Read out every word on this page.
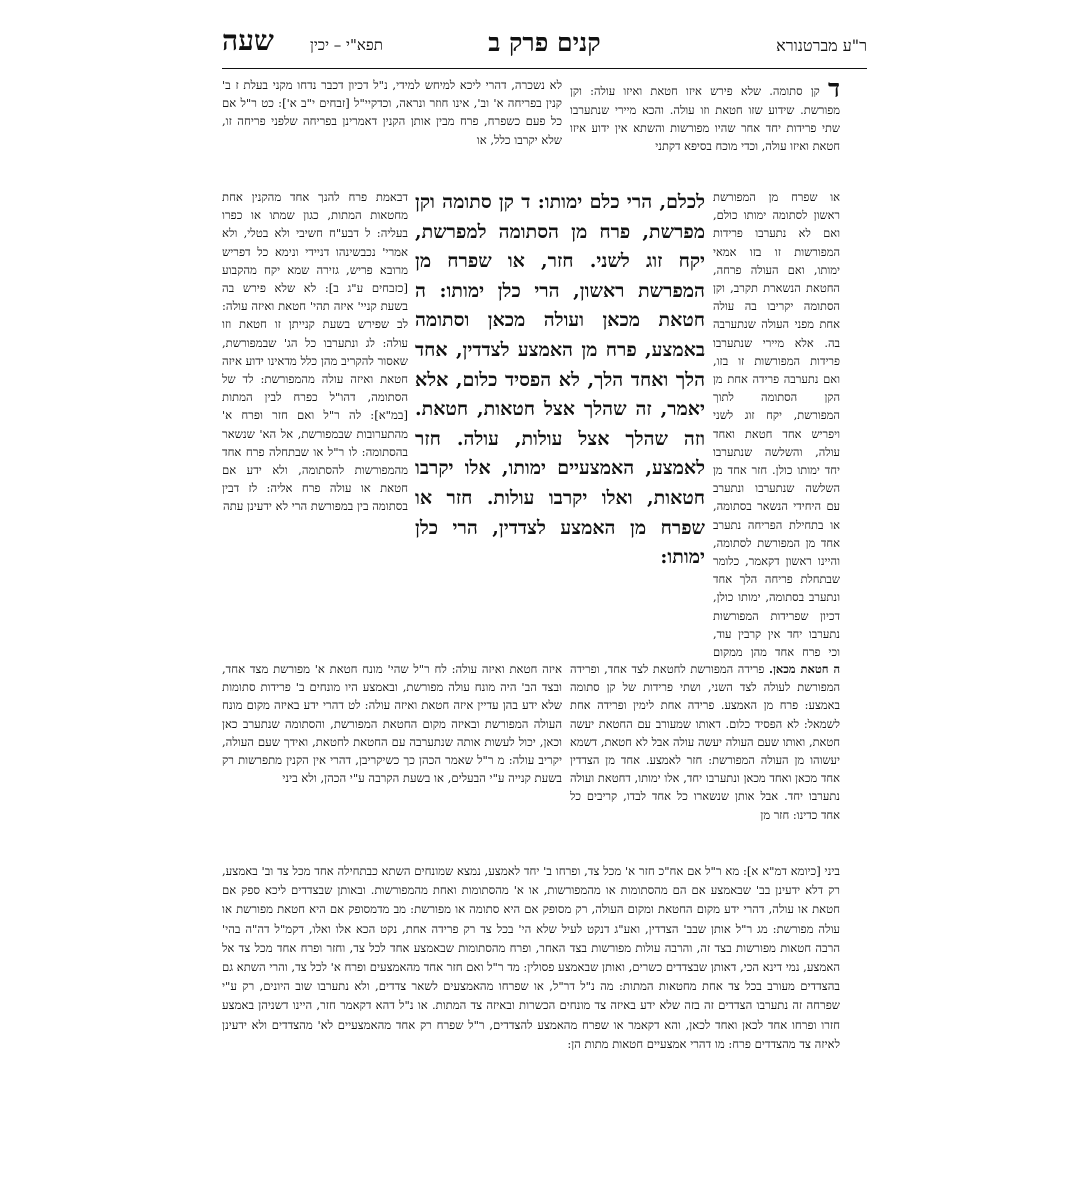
שעה תפא"י – יכין	קנים פרק ב	ר"ע מברטנורא

ד קן סתומה. שלא פירש איזו חטאת ואיזו עולה: וקן מפורשת. שידוע שזו חטאת וזו עולה. והכא מיירי שנתערבו שתי פרידות יחד אחר שהיו מפורשות והשתא אין ידוע איזו חטאת ואיזו עולה, וכדי מוכח בסיפא דקתני

או שפרח מן המפורשת ראשון לסתומה ימותו כולם, ואם לא נתערבו פרידות המפורשות זו בזו אמאי ימותו, ואם העולה פרחה, החטאת הנשארת תקרב, וקן הסתומה יקריבו בה עולה אחת מפני העולה שנתערבה בה. אלא מיירי שנתערבו פרידות המפורשות זו בזו, ואם נתערבה פרידה אחת מן הקן הסתומה לתוך המפורשת, יקח זוג לשני ויפריש אחד חטאת ואחד עולה, והשלשה שנתערבו יחד ימותו כולן. חזר אחד מן השלשה שנתערבו ונתערב עם היחידי הנשאר בסתומה, או בתחילת הפריחה נתערב אחד מן המפורשת לסתומה, והיינו ראשון דקאמר, כלומר שבתחלת פריחה הלך אחד ונתערב בסתומה, ימותו כולן, דכיון שפרידות המפורשות נתערבו יחד אין קרבין עוד, וכי פרח אחד מהן ממקום

ה חטאת מכאן. פרידה המפורשת לחטאת לצד אחד, ופרידה המפורשת לעולה לצד השני, ושתי פרידות של קן סתומה באמצע: פרח מן האמצע. פרידה אחת לימין ופרידה אחת לשמאל: לא הפסיד כלום. דאותו שמעורב עם החטאת יעשה חטאת, ואותו שעם העולה יעשה עולה אבל לא חטאת, דשמא יעשוהו מן העולה המפורשת: חזר לאמצע. אחד מן הצדדין אחד מכאן ואחד מכאן ונתערבו יחד, אלו ימותו, דחטאת ועולה נתערבו יחד. אבל אותן שנשארו כל אחד לבדו, קריבים כל אחד כדינו: חזר מן

לכלם, הרי כלם ימותו: ד קן סתומה וקן מפרשת, פרח מן הסתומה למפרשת, יקח זוג לשני. חזר, או שפרח מן המפרשת ראשון, הרי כלן ימותו: ה חטאת מכאן ועולה מכאן וסתומה באמצע, פרח מן האמצע לצדדין, אחד הלך ואחד הלך, לא הפסיד כלום, אלא יאמר, זה שהלך אצל חטאות, חטאת. וזה שהלך אצל עולות, עולה. חזר לאמצע, האמצעיים ימותו, אלו יקרבו חטאות, ואלו יקרבו עולות. חזר או שפרח מן האמצע לצדדין, הרי כלן ימותו:

לא נשכרה, דהרי ליכא למיחש למידי, נ"ל דכיון דכבר נדחו מקני בעלת ז ב' קנין בפריחה א' וב', אינו חוזר ונראה, וכדקיי"ל [זבחים י"ב א']: כט ר"ל אם כל פעם כשפרח, פרח מבין אותן הקנין דאמרינן בפריחה שלפני פריחה זו, שלא יקרבו כלל, או

דבאמת פרח להנך אחד מהקנין אחת מחטאות המתות, כגון שמתו או כפרו בעליה: ל דבע"ח חשיבי ולא בטלי, ולא אמרי' נכבשינהו דניידי ונימא כל דפריש מרובא פריש, גזירה שמא יקח מהקבוע [כזבחים ע"ג ב]: לא שלא פירש בה בשעת קניי' איזה תהי' חטאת ואיזה עולה: לב שפירש בשעת קנייתן זו חטאת וזו עולה: לג ונתערבו כל הג' שבמפורשת, שאסור להקריב מהן כלל מדאינו ידוע איזה חטאת ואיזה עולה מהמפורשת: לד של הסתומה, דהו"ל כפרח לבין המתות [במ"א]: לה ר"ל ואם חזר ופרח א' מהתערובות שבמפורשת, אל הא' שנשאר בהסתומה: לו ר"ל או שבתחלה פרח אחד מהמפורשות להסתומה, ולא ידע אם חטאת או עולה פרח אליה: לז דבין בסתומה בין במפורשת הרי לא ידעינן עתה

איזה חטאת ואיזה עולה: לח ר"ל שהי' מונח חטאת א' מפורשת מצד אחד, ובצד הב' היה מונח עולה מפורשת, ובאמצע היו מונחים ב' פרידות סתומות שלא ידע בהן עדיין איזה חטאת ואיזה עולה: לט דהרי ידע באיזה מקום מונח העולה המפורשת ובאיזה מקום החטאת המפורשת, והסתומה שנתערב כאן וכאן, יכול לעשות אותה שנתערבה עם החטאת לחטאת, ואידך שעם העולה, יקריב עולה: מ ר"ל שאמר הכהן כך כשיקריבן, דהרי אין הקנין מתפרשות רק בשעת קנייה ע"י הבעלים, או בשעת הקרבה ע"י הכהן, ולא ביני

ביני [כיומא דמ"א א]: מא ר"ל אם אח"כ חזר א' מכל צד, ופרחו ב' יחד לאמצע, נמצא שמונחים השתא כבתחילה אחד מכל צד וב' באמצע, רק דלא ידעינן בב' שבאמצע אם הם מהסתומות או מהמפורשות, או א' מהסתומות ואחת מהמפורשות. ובאותן שבצדדים ליכא ספק אם חטאת או עולה, דהרי ידע מקום החטאת ומקום העולה, רק מסופק אם היא סתומה או מפורשת: מב מדמסופק אם היא חטאת מפורשת או עולה מפורשת: מג ר"ל אותן שבב' הצדדין, ואע"ג דנקט לעיל שלא הי' בכל צד רק פרידה אחת, נקט הכא אלו ואלו, דקמ"ל דה"ה בהי' הרבה חטאות מפורשות בצד זה, והרבה עולות מפורשות בצד האחר, ופרח מהסתומות שבאמצע אחד לכל צד, וחזר ופרח אחד מכל צד אל האמצע, נמי דינא הכי, דאותן שבצדדים כשרים, ואותן שבאמצע פסולין: מד ר"ל ואם חזר אחד מהאמצעים ופרח א' לכל צד, והרי השתא גם בהצדדים מעורב בכל צד אחת מחטאות המתות: מה נ"ל דר"ל, או שפרחו מהאמצעים לשאר צדדים, ולא נתערבו שוב היונים, רק ע"י שפרחה זה נתערבו הצדדים זה בזה שלא ידע באיזה צד מונחים הכשרות ובאיזה צד המתות. או נ"ל דהא דקאמר חזר, היינו דשניהן באמצע חזרו ופרחו אחד לכאן ואחד לכאן, והא דקאמר או שפרח מהאמצע להצדדים, ר"ל שפרח רק אחד מהאמצעיים לא' מהצדדים ולא ידעינן לאיזה צד מהצדדים פרח: מו דהרי אמצעיים חטאות מתות הן:
